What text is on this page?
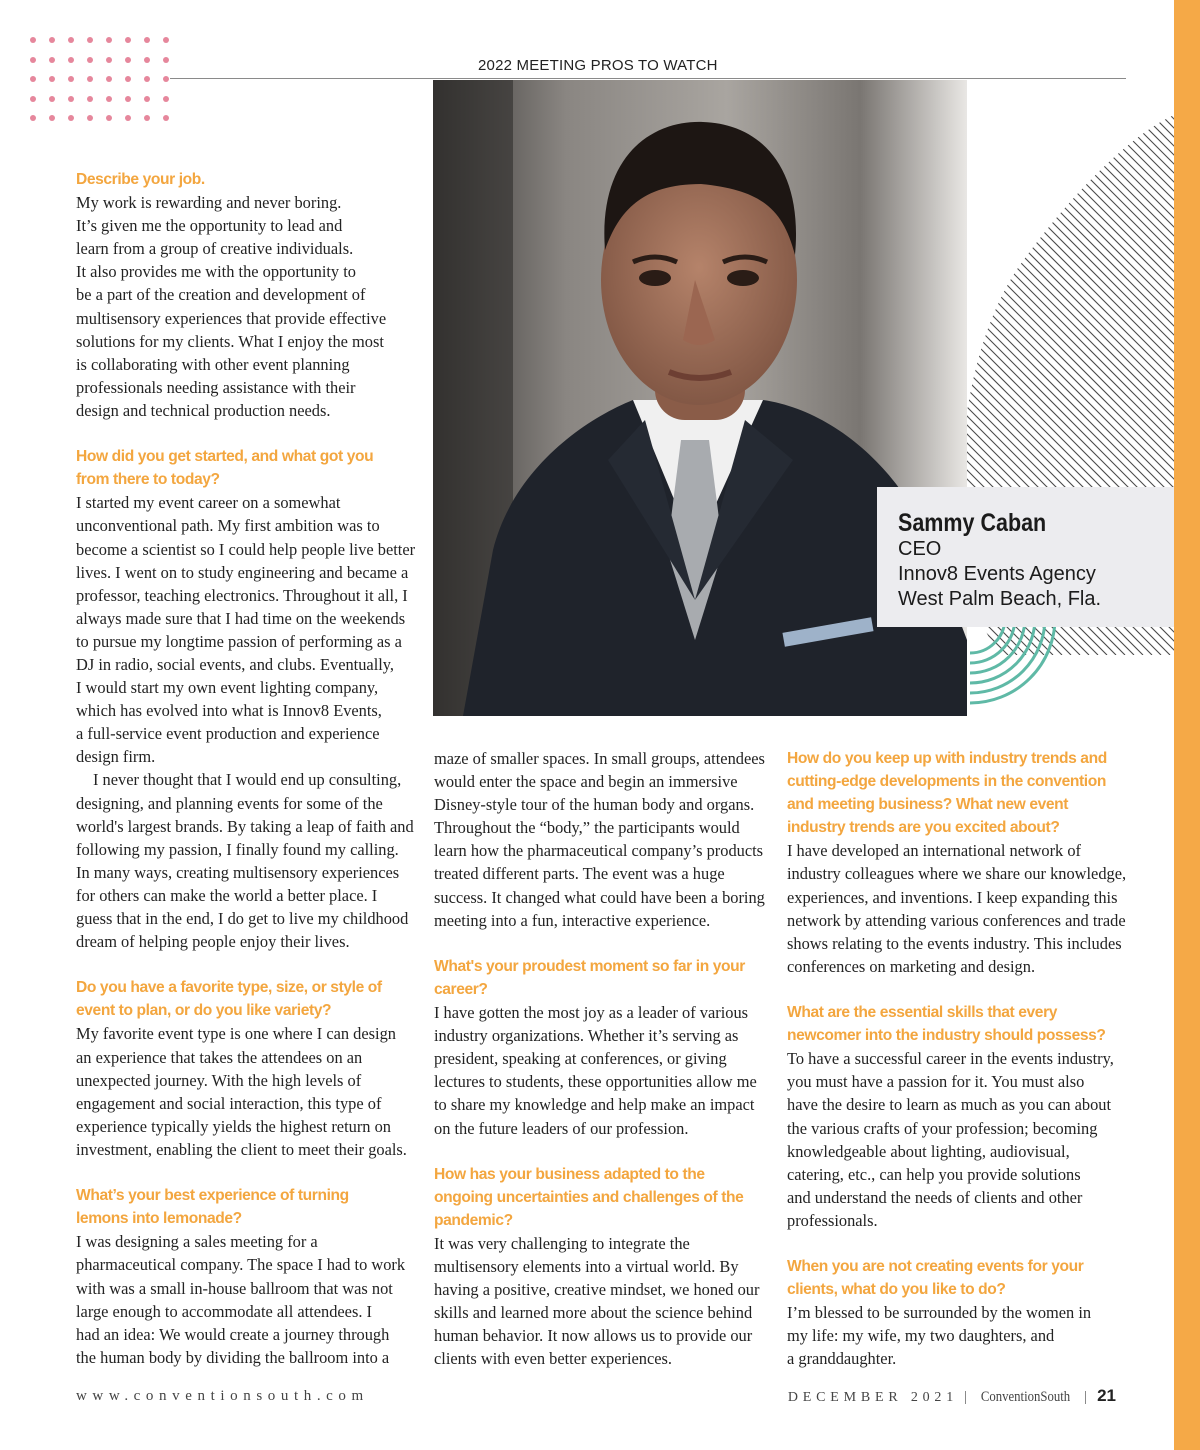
2022 MEETING PROS TO WATCH
Sammy Caban
CEO
Innov8 Events Agency
West Palm Beach, Fla.
Describe your job.
My work is rewarding and never boring.
It’s given me the opportunity to lead and
learn from a group of creative individuals.
It also provides me with the opportunity to
be a part of the creation and development of
multisensory experiences that provide effective
solutions for my clients. What I enjoy the most
is collaborating with other event planning
professionals needing assistance with their
design and technical production needs.
How did you get started, and what got you
from there to today?
I started my event career on a somewhat
unconventional path. My first ambition was to
become a scientist so I could help people live better
lives. I went on to study engineering and became a
professor, teaching electronics. Throughout it all, I
always made sure that I had time on the weekends
to pursue my longtime passion of performing as a
DJ in radio, social events, and clubs. Eventually,
I would start my own event lighting company,
which has evolved into what is Innov8 Events,
a full-service event production and experience
design firm.
I never thought that I would end up consulting,
designing, and planning events for some of the
world's largest brands. By taking a leap of faith and
following my passion, I finally found my calling.
In many ways, creating multisensory experiences
for others can make the world a better place. I
guess that in the end, I do get to live my childhood
dream of helping people enjoy their lives.
Do you have a favorite type, size, or style of
event to plan, or do you like variety?
My favorite event type is one where I can design
an experience that takes the attendees on an
unexpected journey. With the high levels of
engagement and social interaction, this type of
experience typically yields the highest return on
investment, enabling the client to meet their goals.
What’s your best experience of turning
lemons into lemonade?
I was designing a sales meeting for a
pharmaceutical company. The space I had to work
with was a small in-house ballroom that was not
large enough to accommodate all attendees. I
had an idea: We would create a journey through
the human body by dividing the ballroom into a
maze of smaller spaces. In small groups, attendees
would enter the space and begin an immersive
Disney-style tour of the human body and organs.
Throughout the “body,” the participants would
learn how the pharmaceutical company’s products
treated different parts. The event was a huge
success. It changed what could have been a boring
meeting into a fun, interactive experience.
What's your proudest moment so far in your
career?
I have gotten the most joy as a leader of various
industry organizations. Whether it’s serving as
president, speaking at conferences, or giving
lectures to students, these opportunities allow me
to share my knowledge and help make an impact
on the future leaders of our profession.
How has your business adapted to the
ongoing uncertainties and challenges of the
pandemic?
It was very challenging to integrate the
multisensory elements into a virtual world. By
having a positive, creative mindset, we honed our
skills and learned more about the science behind
human behavior. It now allows us to provide our
clients with even better experiences.
How do you keep up with industry trends and
cutting-edge developments in the convention
and meeting business? What new event
industry trends are you excited about?
I have developed an international network of
industry colleagues where we share our knowledge,
experiences, and inventions. I keep expanding this
network by attending various conferences and trade
shows relating to the events industry. This includes
conferences on marketing and design.
What are the essential skills that every
newcomer into the industry should possess?
To have a successful career in the events industry,
you must have a passion for it. You must also
have the desire to learn as much as you can about
the various crafts of your profession; becoming
knowledgeable about lighting, audiovisual,
catering, etc., can help you provide solutions
and understand the needs of clients and other
professionals.
When you are not creating events for your
clients, what do you like to do?
I’m blessed to be surrounded by the women in
my life: my wife, my two daughters, and
a granddaughter.
www.conventionsouth.com	DECEMBER 2021 | ConventionSouth | 21
